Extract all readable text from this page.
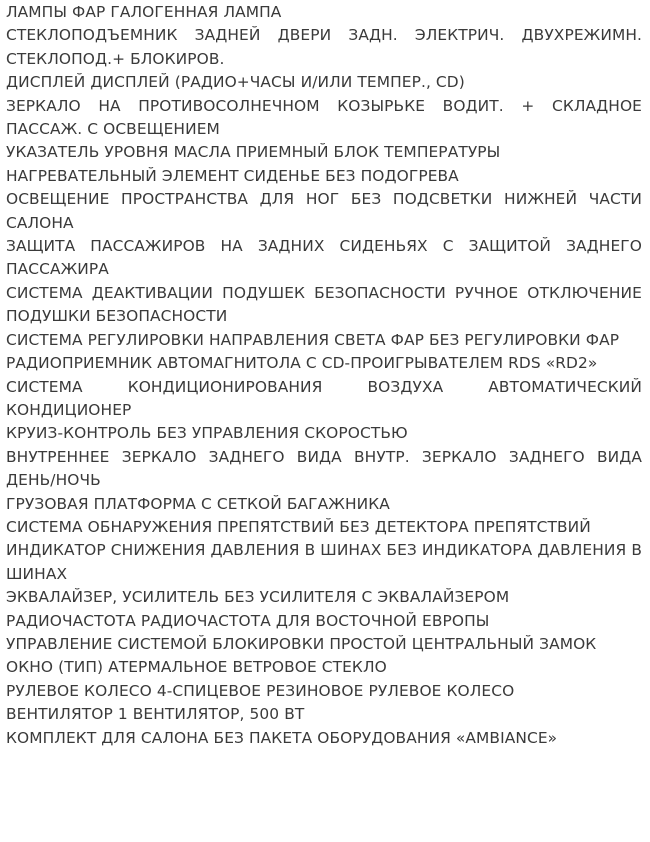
ЛАМПЫ ФАР ГАЛОГЕННАЯ ЛАМПА

СТЕКЛОПОДЪЕМНИК ЗАДНЕЙ ДВЕРИ ЗАДН. ЭЛЕКТРИЧ. ДВУХРЕЖИМН. СТЕКЛОПОД.+ БЛОКИРОВ.

ДИСПЛЕЙ ДИСПЛЕЙ (РАДИО+ЧАСЫ И/ИЛИ ТЕМПЕР., CD)

ЗЕРКАЛО НА ПРОТИВОСОЛНЕЧНОМ КОЗЫРЬКЕ ВОДИТ. + СКЛАДНОЕ ПАССАЖ. С ОСВЕЩЕНИЕМ

УКАЗАТЕЛЬ УРОВНЯ МАСЛА ПРИЕМНЫЙ БЛОК ТЕМПЕРАТУРЫ

НАГРЕВАТЕЛЬНЫЙ ЭЛЕМЕНТ СИДЕНЬЕ БЕЗ ПОДОГРЕВА

ОСВЕЩЕНИЕ ПРОСТРАНСТВА ДЛЯ НОГ БЕЗ ПОДСВЕТКИ НИЖНЕЙ ЧАСТИ САЛОНА

ЗАЩИТА ПАССАЖИРОВ НА ЗАДНИХ СИДЕНЬЯХ С ЗАЩИТОЙ ЗАДНЕГО ПАССАЖИРА

СИСТЕМА ДЕАКТИВАЦИИ ПОДУШЕК БЕЗОПАСНОСТИ РУЧНОЕ ОТКЛЮЧЕНИЕ ПОДУШКИ БЕЗОПАСНОСТИ

СИСТЕМА РЕГУЛИРОВКИ НАПРАВЛЕНИЯ СВЕТА ФАР БЕЗ РЕГУЛИРОВКИ ФАР

РАДИОПРИЕМНИК АВТОМАГНИТОЛА С CD-ПРОИГРЫВАТЕЛЕМ RDS «RD2»

СИСТЕМА КОНДИЦИОНИРОВАНИЯ ВОЗДУХА АВТОМАТИЧЕСКИЙ КОНДИЦИОНЕР

КРУИЗ-КОНТРОЛЬ БЕЗ УПРАВЛЕНИЯ СКОРОСТЬЮ

ВНУТРЕННЕЕ ЗЕРКАЛО ЗАДНЕГО ВИДА ВНУТР. ЗЕРКАЛО ЗАДНЕГО ВИДА ДЕНЬ/НОЧЬ

ГРУЗОВАЯ ПЛАТФОРМА С СЕТКОЙ БАГАЖНИКА

СИСТЕМА ОБНАРУЖЕНИЯ ПРЕПЯТСТВИЙ БЕЗ ДЕТЕКТОРА ПРЕПЯТСТВИЙ

ИНДИКАТОР СНИЖЕНИЯ ДАВЛЕНИЯ В ШИНАХ БЕЗ ИНДИКАТОРА ДАВЛЕНИЯ В ШИНАХ

ЭКВАЛАЙЗЕР, УСИЛИТЕЛЬ БЕЗ УСИЛИТЕЛЯ С ЭКВАЛАЙЗЕРОМ

РАДИОЧАСТОТА РАДИОЧАСТОТА ДЛЯ ВОСТОЧНОЙ ЕВРОПЫ

УПРАВЛЕНИЕ СИСТЕМОЙ БЛОКИРОВКИ ПРОСТОЙ ЦЕНТРАЛЬНЫЙ ЗАМОК

ОКНО (ТИП) АТЕРМАЛЬНОЕ ВЕТРОВОЕ СТЕКЛО

РУЛЕВОЕ КОЛЕСО 4-СПИЦЕВОЕ РЕЗИНОВОЕ РУЛЕВОЕ КОЛЕСО

ВЕНТИЛЯТОР 1 ВЕНТИЛЯТОР, 500 ВТ

КОМПЛЕКТ ДЛЯ САЛОНА БЕЗ ПАКЕТА ОБОРУДОВАНИЯ «AMBIANCE»
